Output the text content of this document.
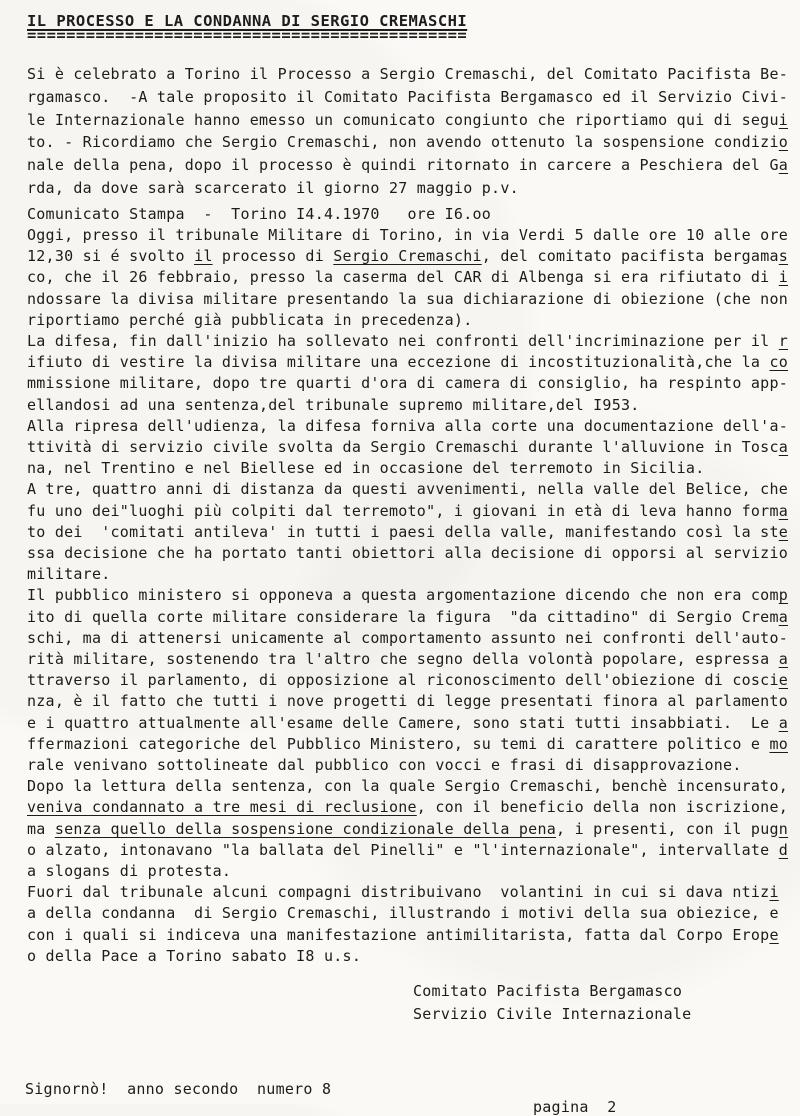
IL PROCESSO E LA CONDANNA DI SERGIO CREMASCHI
=============================================
Si è celebrato a Torino il Processo a Sergio Cremaschi, del Comitato Pacifista Be-
rgamasco.  -A tale proposito il Comitato Pacifista Bergamasco ed il Servizio Civi-
le Internazionale hanno emesso un comunicato congiunto che riportiamo qui di segui
to. - Ricordiamo che Sergio Cremaschi, non avendo ottenuto la sospensione condizio
nale della pena, dopo il processo è quindi ritornato in carcere a Peschiera del Ga
rda, da dove sarà scarcerato il giorno 27 maggio p.v.
Comunicato Stampa  -  Torino I4.4.1970   ore I6.oo
Oggi, presso il tribunale Militare di Torino, in via Verdi 5 dalle ore 10 alle ore
12,30 si é svolto il processo di Sergio Cremaschi, del comitato pacifista bergamas
co, che il 26 febbraio, presso la caserma del CAR di Albenga si era rifiutato di i
ndossare la divisa militare presentando la sua dichiarazione di obiezione (che non
riportiamo perché già pubblicata in precedenza).
La difesa, fin dall'inizio ha sollevato nei confronti dell'incriminazione per il r
ifiuto di vestire la divisa militare una eccezione di incostituzionalità,che la co
mmissione militare, dopo tre quarti d'ora di camera di consiglio, ha respinto app-
ellandosi ad una sentenza,del tribunale supremo militare,del I953.
Alla ripresa dell'udienza, la difesa forniva alla corte una documentazione dell'a-
ttività di servizio civile svolta da Sergio Cremaschi durante l'alluvione in Tosca
na, nel Trentino e nel Biellese ed in occasione del terremoto in Sicilia.
A tre, quattro anni di distanza da questi avvenimenti, nella valle del Belice, che
fu uno dei"luoghi più colpiti dal terremoto", i giovani in età di leva hanno forma
to dei  'comitati antileva' in tutti i paesi della valle, manifestando così la ste
ssa decisione che ha portato tanti obiettori alla decisione di opporsi al servizio
militare.
Il pubblico ministero si opponeva a questa argomentazione dicendo che non era comp
ito di quella corte militare considerare la figura  "da cittadino" di Sergio Crema
schi, ma di attenersi unicamente al comportamento assunto nei confronti dell'auto-
rità militare, sostenendo tra l'altro che segno della volontà popolare, espressa a
ttraverso il parlamento, di opposizione al riconoscimento dell'obiezione di coscie
nza, è il fatto che tutti i nove progetti di legge presentati finora al parlamento
e i quattro attualmente all'esame delle Camere, sono stati tutti insabbiati.  Le a
ffermazioni categoriche del Pubblico Ministero, su temi di carattere politico e mo
rale venivano sottolineate dal pubblico con vocci e frasi di disapprovazione.
Dopo la lettura della sentenza, con la quale Sergio Cremaschi, benchè incensurato,
veniva condannato a tre mesi di reclusione, con il beneficio della non iscrizione,
ma senza quello della sospensione condizionale della pena, i presenti, con il pugn
o alzato, intonavano "la ballata del Pinelli" e "l'internazionale", intervallate d
a slogans di protesta.
Fuori dal tribunale alcuni compagni distribuivano  volantini in cui si dava ntizi
a della condanna  di Sergio Cremaschi, illustrando i motivi della sua obiezice, e
con i quali si indiceva una manifestazione antimilitarista, fatta dal Corpo Erope
o della Pace a Torino sabato I8 u.s.
Comitato Pacifista Bergamasco
Servizio Civile Internazionale

Signornò!  anno secondo  numero 8

pagina  2
